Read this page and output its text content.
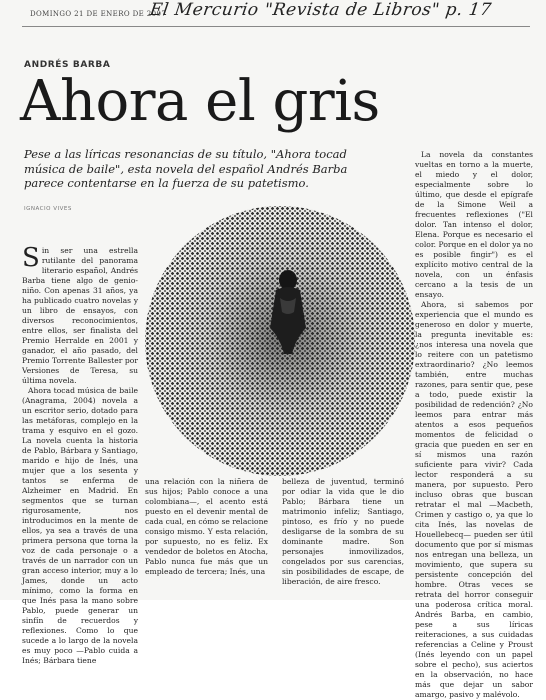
DOMINGO 21 DE ENERO DE 2007
El Mercurio "Revista de Libros" p. 17
ANDRÉS BARBA
Ahora el gris
Pese a las líricas resonancias de su título, "Ahora tocad música de baile", esta novela del español Andrés Barba parece contentarse en la fuerza de su patetismo.
IGNACIO VIVES

Sin ser una estrella rutilante del panorama literario español, Andrés Barba tiene algo de genio-niño. Con apenas 31 años, ya ha publicado cuatro novelas y un libro de ensayos, con diversos reconocimientos, entre ellos, ser finalista del Premio Herralde en 2001 y ganador, el año pasado, del Premio Torrente Ballester por Versiones de Teresa, su última novela.

Ahora tocad música de baile (Anagrama, 2004) novela a un escritor serio, dotado para las metáforas, complejo en la trama y esquivo en el gozo. La novela cuenta la historia de Pablo, Bárbara y Santiago, marido e hijo de Inés, una mujer que a los sesenta y tantos se enferma de Alzheimer en Madrid. En segmentos que se turnan rigurosamente, nos introducimos en la mente de ellos, ya sea a través de una primera persona que torna la voz de cada personaje o a través de un narrador con un gran acceso interior, muy a lo James, donde un acto mínimo, como la forma en que Inés pasa la mano sobre Pablo, puede generar un sinfín de recuerdos y reflexiones. Como lo que sucede a lo largo de la novela es muy poco —Pablo cuida a Inés; Bárbara tiene

una relación con la niñera de sus hijos; Pablo conoce a una colombiana—, el acento está puesto en el devenir mental de cada cual, en cómo se relacione consigo mismo. Y esta relación, por supuesto, no es feliz. Ex vendedor de boletos en Atocha, Pablo nunca fue más que un empleado de tercera; Inés, una
belleza de juventud, terminó por odiar la vida que le dio Pablo; Bárbara tiene un matrimonio infeliz; Santiago, pintoso, es frío y no puede desligarse de la sombra de su dominante madre. Son personajes inmovilizados, congelados por sus carencias, sin posibilidades de escape, de liberación, de aire fresco.

La novela da constantes vueltas en torno a la muerte, el miedo y el dolor, especialmente sobre lo último, que desde el epígrafe de la Simone Weil a frecuentes reflexiones ("El dolor. Tan intenso el dolor, Elena. Porque es necesario el color. Porque en el dolor ya no es posible fingir") es el explícito motivo central de la novela, con un énfasis cercano a la tesis de un ensayo.

Ahora, si sabemos por experiencia que el mundo es generoso en dolor y muerte, la pregunta inevitable es: ¿nos interesa una novela que lo reitere con un patetismo extraordinario? ¿No leemos también, entre muchas razones, para sentir que, pese a todo, puede existir la posibilidad de redención? ¿No leemos para entrar más atentos a esos pequeños momentos de felicidad o gracia que pueden en ser en sí mismos una razón suficiente para vivir? Cada lector responderá a su manera, por supuesto. Pero incluso obras que buscan retratar el mal —Macbeth, Crimen y castigo o, ya que lo cita Inés, las novelas de Houellebecq— pueden ser útil documento que por sí mismas nos entregan una belleza, un movimiento, que supera su persistente concepción del hombre. Otras veces se retrata del horror conseguir una poderosa crítica moral. Andrés Barba, en cambio, pese a sus líricas reiteraciones, a sus cuidadas referencias a Celine y Proust (Inés leyendo con un papel sobre el pecho), sus aciertos en la observación, no hace más que dejar un sabor amargo, pasivo y malévolo.
